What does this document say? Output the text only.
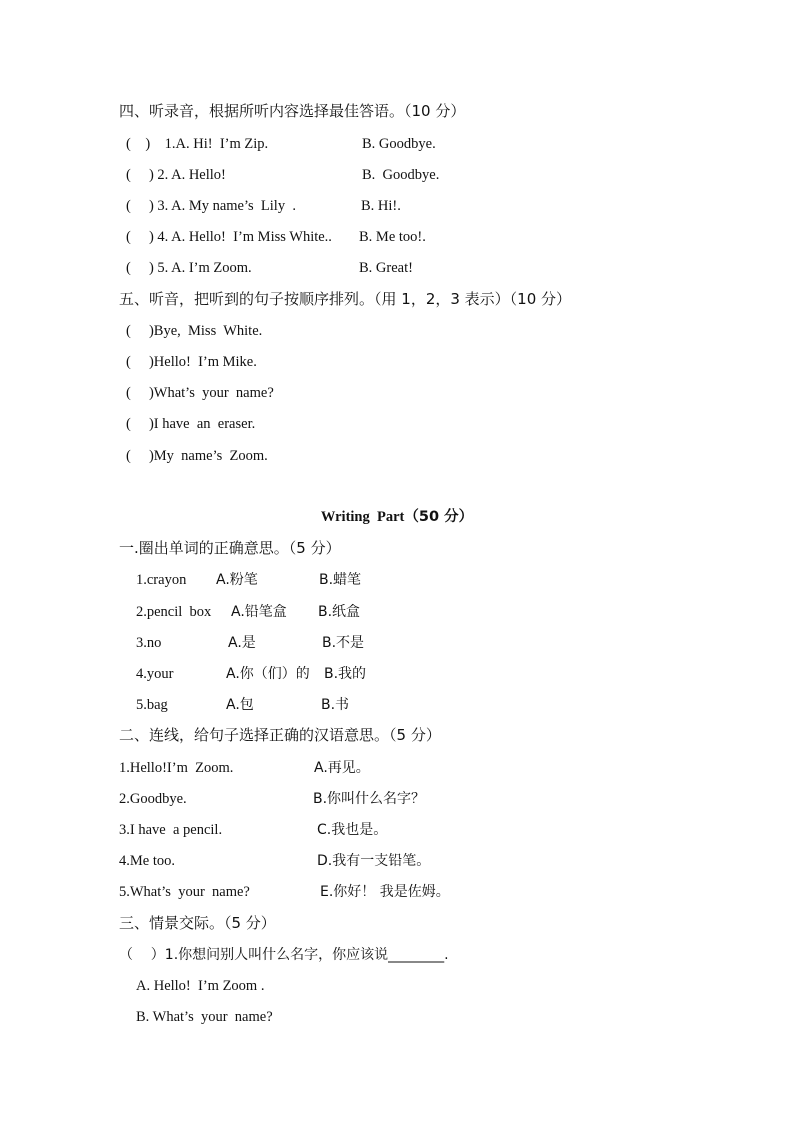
四、听录音，根据所听内容选择最佳答语。（10 分）
(    )    1.A. Hi!  I’m Zip.	B. Goodbye.
(     ) 2. A. Hello!	B.  Goodbye.
(     ) 3. A. My name’s  Lily  .	B. Hi!.
(     ) 4. A. Hello!  I’m Miss White.. B. Me too!.
(     ) 5. A. I’m Zoom.	B. Great!
五、听音，把听到的句子按顺序排列。（用 1，2，3 表示）（10 分）
(     )Bye,  Miss  White.
(     )Hello!  I’m Mike.
(     )What’s  your  name?
(     )I have  an  eraser.
(     )My  name’s  Zoom.
Writing  Part（50 分）
一.圈出单词的正确意思。（5 分）
1.crayon A.粉笔	B.蜡笔
2.pencil  box A.铅笔盒 B.纸盒
3.no	A.是	B.不是
4.your	A.你（们）的 B.我的
5.bag	A.包	B.书
二、连线，给句子选择正确的汉语意思。（5 分）
1.Hello!I’m  Zoom.	A.再见。
2.Goodbye.	B.你叫什么名字？
3.I have  a pencil.	C.我也是。
4.Me too.	D.我有一支铅笔。
5.What’s  your  name?	E.你好！ 我是佐姆。
三、情景交际。（5 分）
（    ）1.你想问别人叫什么名字，你应该说________.
A. Hello!  I’m Zoom .
B. What’s  your  name?
